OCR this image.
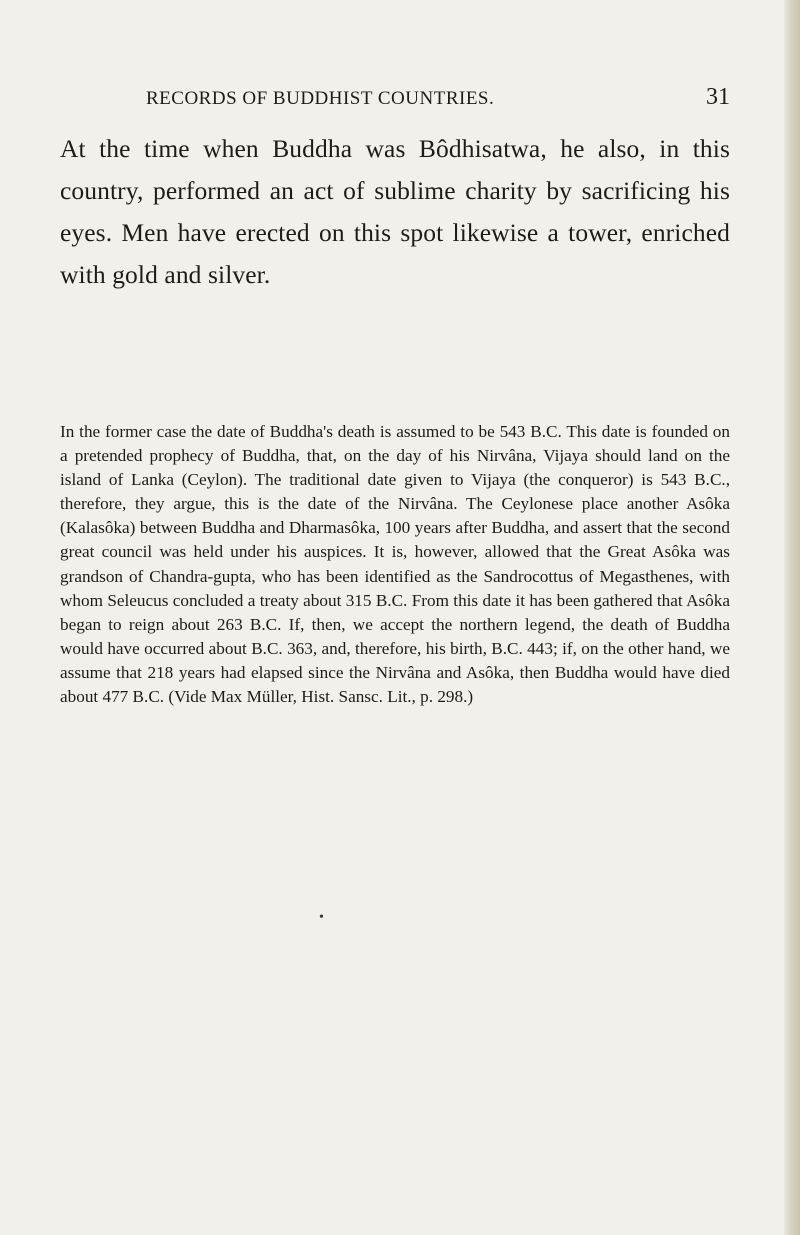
RECORDS OF BUDDHIST COUNTRIES.	31

At the time when Buddha was Bôdhisatwa, he also, in this country, performed an act of sublime charity by sacrificing his eyes. Men have erected on this spot likewise a tower, enriched with gold and silver.

In the former case the date of Buddha's death is assumed to be 543 B.C. This date is founded on a pretended prophecy of Buddha, that, on the day of his Nirvâna, Vijaya should land on the island of Lanka (Ceylon). The traditional date given to Vijaya (the conqueror) is 543 B.C., therefore, they argue, this is the date of the Nirvâna. The Ceylonese place another Asôka (Kalasôka) between Buddha and Dharmasôka, 100 years after Buddha, and assert that the second great council was held under his auspices. It is, however, allowed that the Great Asôka was grandson of Chandra-gupta, who has been identified as the Sandrocottus of Megasthenes, with whom Seleucus concluded a treaty about 315 B.C. From this date it has been gathered that Asôka began to reign about 263 B.C. If, then, we accept the northern legend, the death of Buddha would have occurred about B.C. 363, and, therefore, his birth, B.C. 443; if, on the other hand, we assume that 218 years had elapsed since the Nirvâna and Asôka, then Buddha would have died about 477 B.C. (Vide Max Müller, Hist. Sansc. Lit., p. 298.)

•
